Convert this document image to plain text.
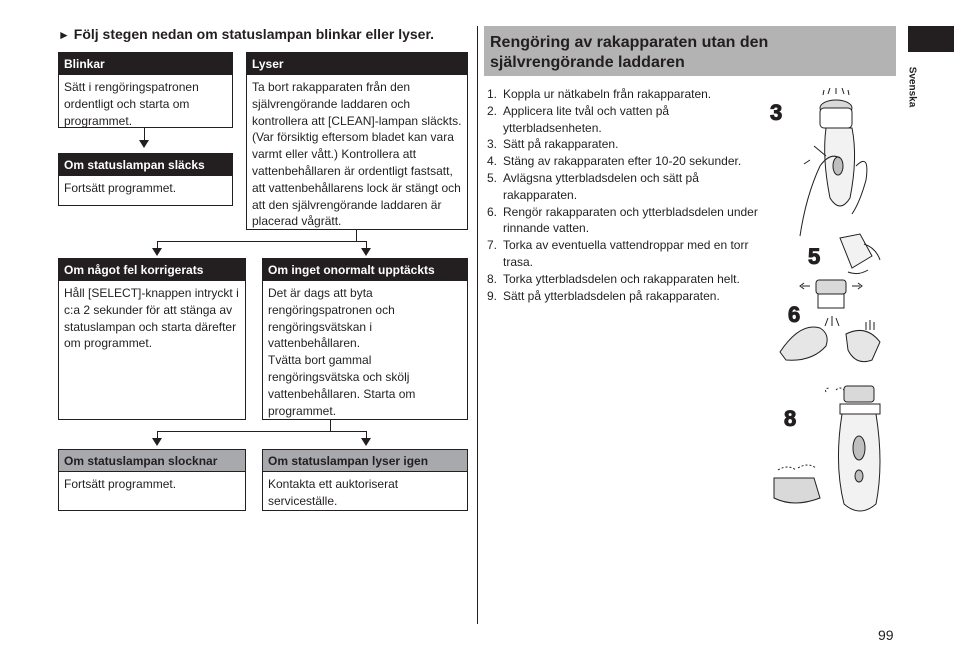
► Följ stegen nedan om statuslampan blinkar eller lyser.
Blinkar
Sätt i rengöringspatronen ordentligt och starta om programmet.
Lyser
Ta bort rakapparaten från den självrengörande laddaren och kontrollera att [CLEAN]-lampan släckts. (Var försiktig eftersom bladet kan vara varmt eller vått.) Kontrollera att vattenbehållaren är ordentligt fastsatt, att vattenbehållarens lock är stängt och att den självrengörande laddaren är placerad vågrätt.
Om statuslampan släcks
Fortsätt programmet.
Om något fel korrigerats
Håll [SELECT]-knappen intryckt i c:a 2 sekunder för att stänga av statuslampan och starta därefter om programmet.
Om inget onormalt upptäckts
Det är dags att byta rengöringspatronen och rengöringsvätskan i vattenbehållaren.
Tvätta bort gammal rengöringsvätska och skölj vattenbehållaren. Starta om programmet.
Om statuslampan slocknar
Fortsätt programmet.
Om statuslampan lyser igen
Kontakta ett auktoriserat serviceställe.
Rengöring av rakapparaten utan den självrengörande laddaren
1. Koppla ur nätkabeln från rakapparaten.
2. Applicera lite tvål och vatten på ytterbladsenheten.
3. Sätt på rakapparaten.
4. Stäng av rakapparaten efter 10-20 sekunder.
5. Avlägsna ytterbladsdelen och sätt på rakapparaten.
6. Rengör rakapparaten och ytterbladsdelen under rinnande vatten.
7. Torka av eventuella vattendroppar med en torr trasa.
8. Torka ytterbladsdelen och rakapparaten helt.
9. Sätt på ytterbladsdelen på rakapparaten.
3
5
6
8
Svenska
99
